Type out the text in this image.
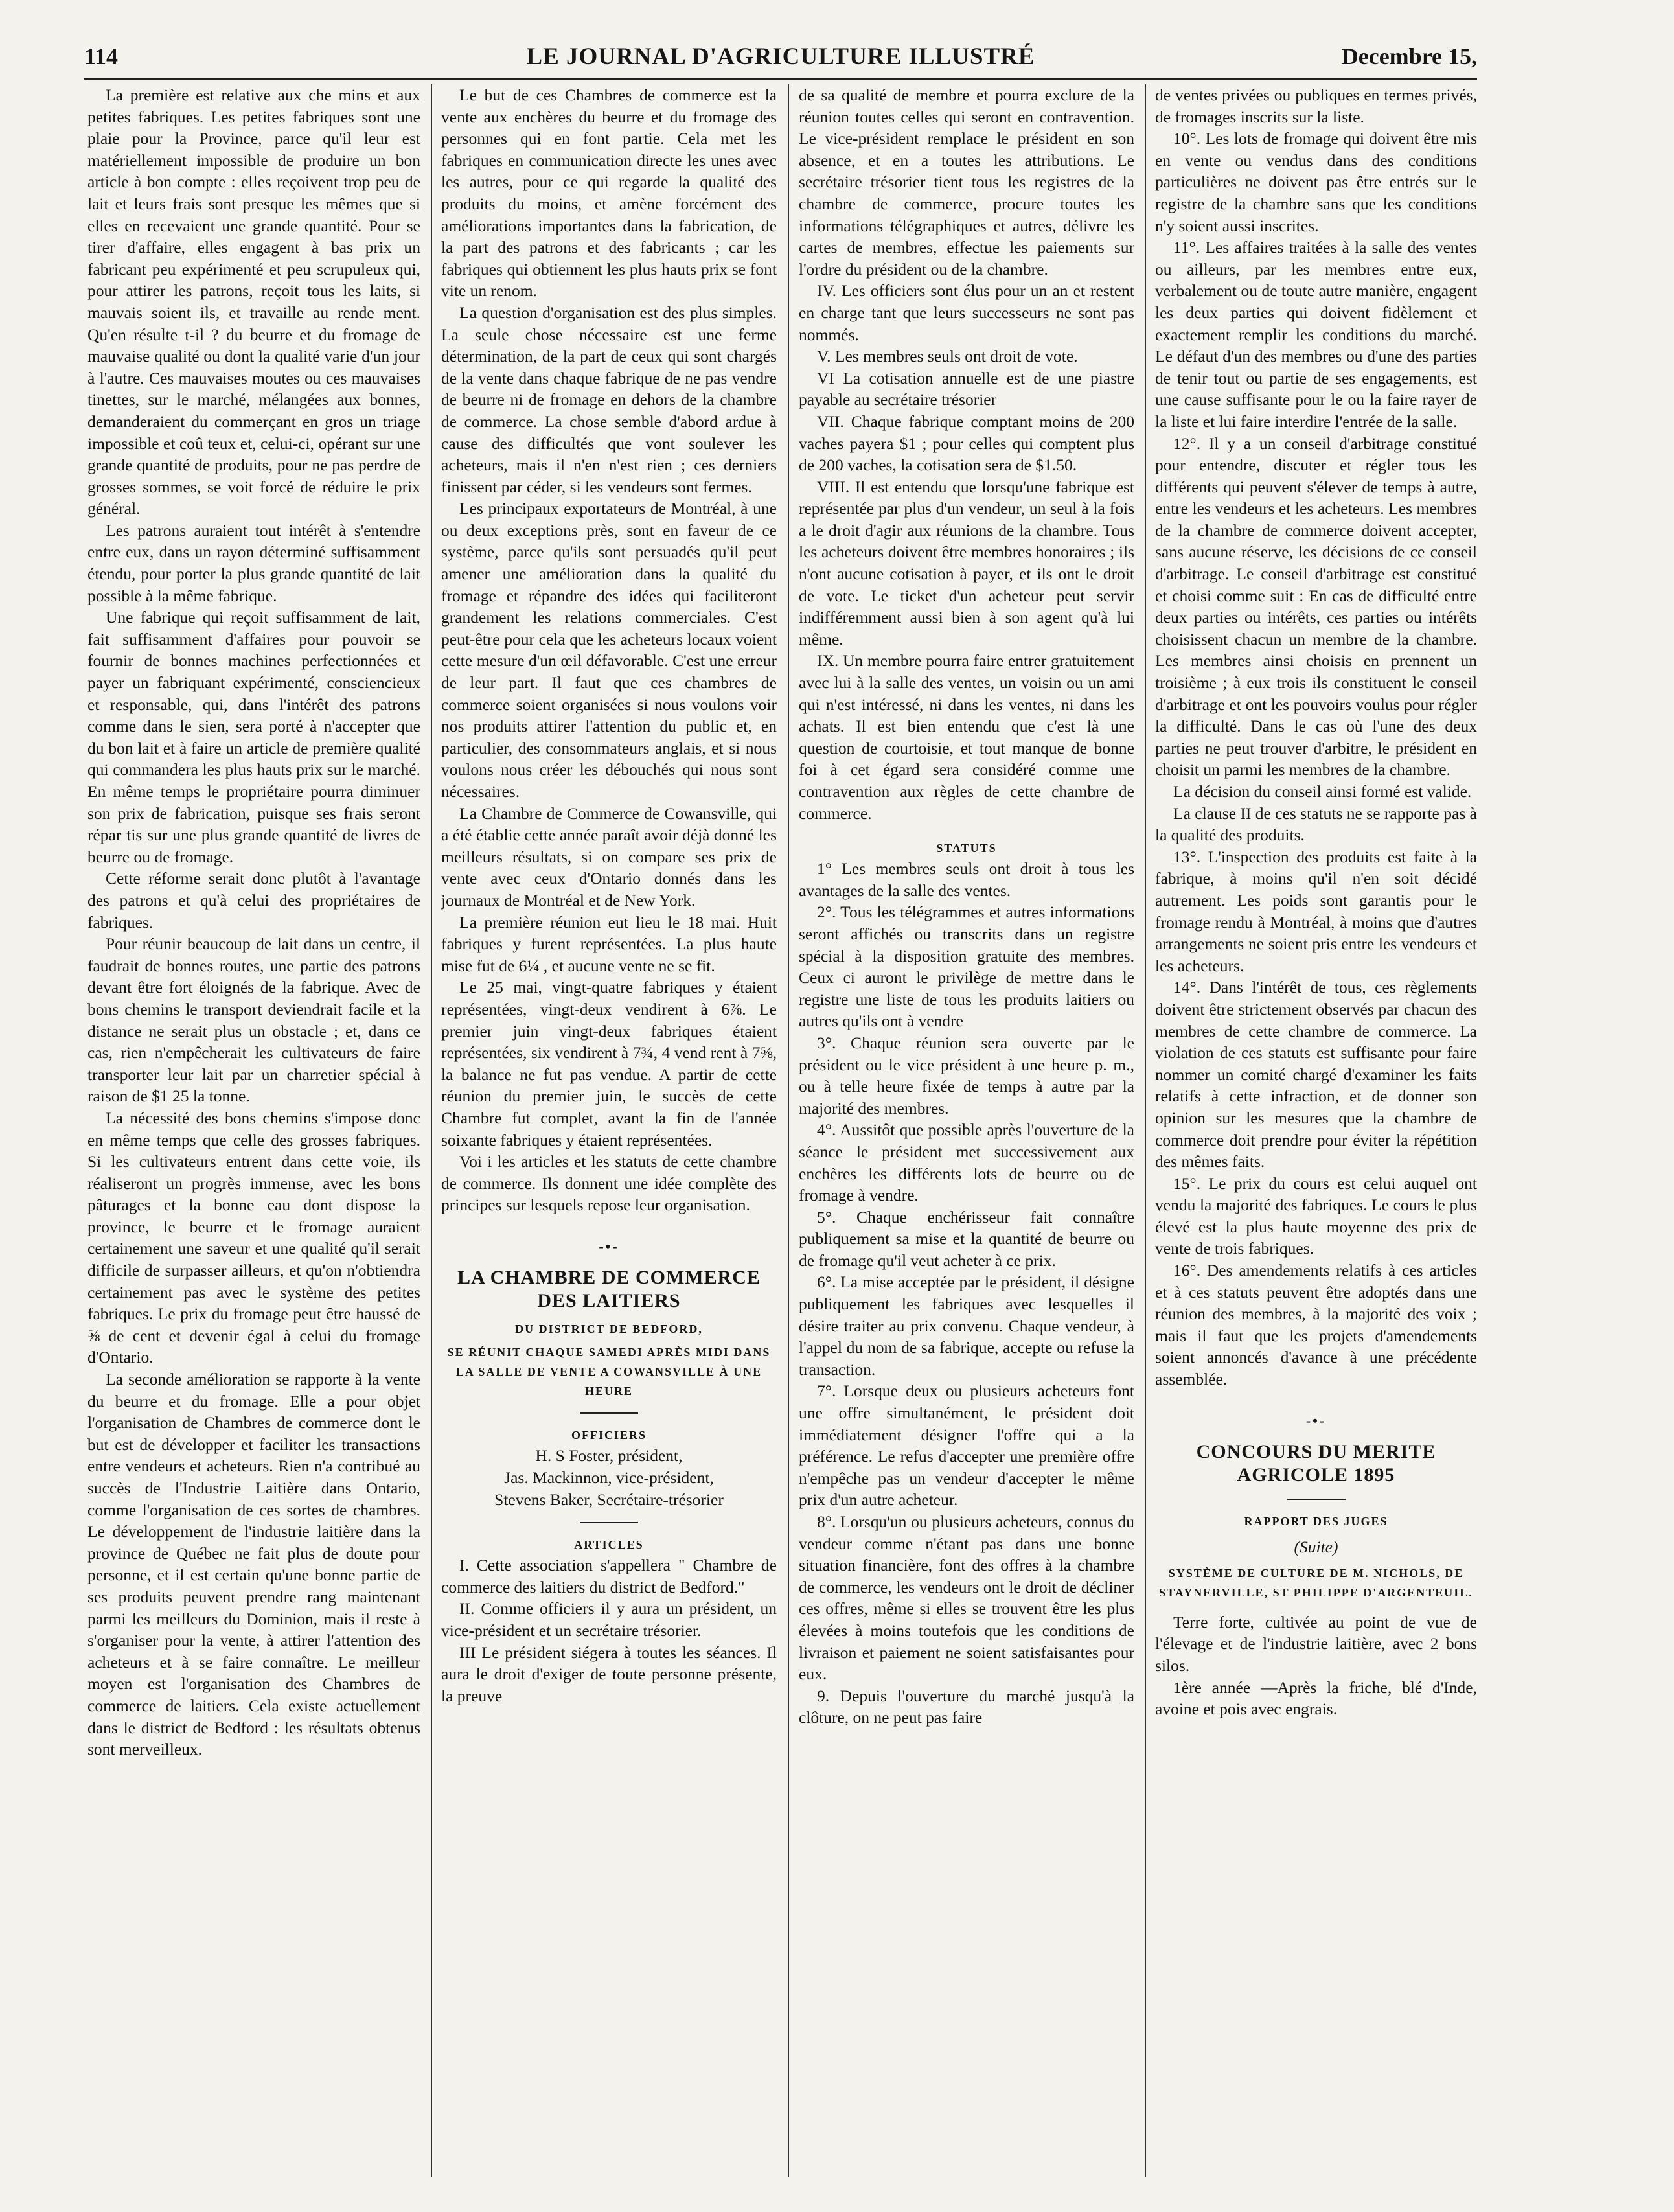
114	LE JOURNAL D'AGRICULTURE ILLUSTRÉ	Decembre 15,

La première est relative aux che mins et aux petites fabriques. Les petites fabriques sont une plaie pour la Province, parce qu'il leur est matériellement impossible de produire un bon article à bon compte : elles reçoivent trop peu de lait et leurs frais sont presque les mêmes que si elles en recevaient une grande quantité. Pour se tirer d'affaire, elles engagent à bas prix un fabricant peu expérimenté et peu scrupuleux qui, pour attirer les patrons, reçoit tous les laits, si mauvais soient ils, et travaille au rende ment. Qu'en résulte t-il ? du beurre et du fromage de mauvaise qualité ou dont la qualité varie d'un jour à l'autre. Ces mauvaises moutes ou ces mauvaises tinettes, sur le marché, mélangées aux bonnes, demanderaient du commerçant en gros un triage impossible et coû teux et, celui-ci, opérant sur une grande quantité de produits, pour ne pas perdre de grosses sommes, se voit forcé de réduire le prix général.

Les patrons auraient tout intérêt à s'entendre entre eux, dans un rayon déterminé suffisamment étendu, pour porter la plus grande quantité de lait possible à la même fabrique.

Une fabrique qui reçoit suffisamment de lait, fait suffisamment d'affaires pour pouvoir se fournir de bonnes machines perfectionnées et payer un fabriquant expérimenté, consciencieux et responsable, qui, dans l'intérêt des patrons comme dans le sien, sera porté à n'accepter que du bon lait et à faire un article de première qualité qui commandera les plus hauts prix sur le marché. En même temps le propriétaire pourra diminuer son prix de fabrication, puisque ses frais seront répar tis sur une plus grande quantité de livres de beurre ou de fromage.

Cette réforme serait donc plutôt à l'avantage des patrons et qu'à celui des propriétaires de fabriques.

Pour réunir beaucoup de lait dans un centre, il faudrait de bonnes routes, une partie des patrons devant être fort éloignés de la fabrique. Avec de bons chemins le transport deviendrait facile et la distance ne serait plus un obstacle ; et, dans ce cas, rien n'empêcherait les cultivateurs de faire transporter leur lait par un charretier spécial à raison de $1 25 la tonne.

La nécessité des bons chemins s'impose donc en même temps que celle des grosses fabriques. Si les cultivateurs entrent dans cette voie, ils réaliseront un progrès immense, avec les bons pâturages et la bonne eau dont dispose la province, le beurre et le fromage auraient certainement une saveur et une qualité qu'il serait difficile de surpasser ailleurs, et qu'on n'obtiendra certainement pas avec le système des petites fabriques. Le prix du fromage peut être haussé de ⅝ de cent et devenir égal à celui du fromage d'Ontario.

La seconde amélioration se rapporte à la vente du beurre et du fromage. Elle a pour objet l'organisation de Chambres de commerce dont le but est de développer et faciliter les transactions entre vendeurs et acheteurs. Rien n'a contribué au succès de l'Industrie Laitière dans Ontario, comme l'organisation de ces sortes de chambres. Le développement de l'industrie laitière dans la province de Québec ne fait plus de doute pour personne, et il est certain qu'une bonne partie de ses produits peuvent prendre rang maintenant parmi les meilleurs du Dominion, mais il reste à s'organiser pour la vente, à attirer l'attention des acheteurs et à se faire connaître. Le meilleur moyen est l'organisation des Chambres de commerce de laitiers. Cela existe actuellement dans le district de Bedford : les résultats obtenus sont merveilleux.

Le but de ces Chambres de commerce est la vente aux enchères du beurre et du fromage des personnes qui en font partie. Cela met les fabriques en communication directe les unes avec les autres, pour ce qui regarde la qualité des produits du moins, et amène forcément des améliorations importantes dans la fabrication, de la part des patrons et des fabricants ; car les fabriques qui obtiennent les plus hauts prix se font vite un renom.

La question d'organisation est des plus simples. La seule chose nécessaire est une ferme détermination, de la part de ceux qui sont chargés de la vente dans chaque fabrique de ne pas vendre de beurre ni de fromage en dehors de la chambre de commerce. La chose semble d'abord ardue à cause des difficultés que vont soulever les acheteurs, mais il n'en n'est rien ; ces derniers finissent par céder, si les vendeurs sont fermes.

Les principaux exportateurs de Montréal, à une ou deux exceptions près, sont en faveur de ce système, parce qu'ils sont persuadés qu'il peut amener une amélioration dans la qualité du fromage et répandre des idées qui faciliteront grandement les relations commerciales. C'est peut-être pour cela que les acheteurs locaux voient cette mesure d'un œil défavorable. C'est une erreur de leur part. Il faut que ces chambres de commerce soient organisées si nous voulons voir nos produits attirer l'attention du public et, en particulier, des consommateurs anglais, et si nous voulons nous créer les débouchés qui nous sont nécessaires.

La Chambre de Commerce de Cowansville, qui a été établie cette année paraît avoir déjà donné les meilleurs résultats, si on compare ses prix de vente avec ceux d'Ontario donnés dans les journaux de Montréal et de New York.

La première réunion eut lieu le 18 mai. Huit fabriques y furent représentées. La plus haute mise fut de 6¼ , et aucune vente ne se fit.

Le 25 mai, vingt-quatre fabriques y étaient représentées, vingt-deux vendirent à 6⅞. Le premier juin vingt-deux fabriques étaient représentées, six vendirent à 7¾, 4 vend rent à 7⅝, la balance ne fut pas vendue. A partir de cette réunion du premier juin, le succès de cette Chambre fut complet, avant la fin de l'année soixante fabriques y étaient représentées.

Voi i les articles et les statuts de cette chambre de commerce. Ils donnent une idée complète des principes sur lesquels repose leur organisation.

-•-
LA CHAMBRE DE COMMERCE DES LAITIERS
DU DISTRICT DE BEDFORD,
SE RÉUNIT CHAQUE SAMEDI APRÈS MIDI DANS LA SALLE DE VENTE A COWANSVILLE À UNE HEURE
OFFICIERS

H. S Foster, président,

Jas. Mackinnon, vice-président,

Stevens Baker, Secrétaire-trésorier

ARTICLES

I. Cette association s'appellera " Chambre de commerce des laitiers du district de Bedford."

II. Comme officiers il y aura un président, un vice-président et un secrétaire trésorier.

III Le président siégera à toutes les séances. Il aura le droit d'exiger de toute personne présente, la preuve

de sa qualité de membre et pourra exclure de la réunion toutes celles qui seront en contravention. Le vice-président remplace le président en son absence, et en a toutes les attributions. Le secrétaire trésorier tient tous les registres de la chambre de commerce, procure toutes les informations télégraphiques et autres, délivre les cartes de membres, effectue les paiements sur l'ordre du président ou de la chambre.

IV. Les officiers sont élus pour un an et restent en charge tant que leurs successeurs ne sont pas nommés.

V. Les membres seuls ont droit de vote.

VI La cotisation annuelle est de une piastre payable au secrétaire trésorier

VII. Chaque fabrique comptant moins de 200 vaches payera $1 ; pour celles qui comptent plus de 200 vaches, la cotisation sera de $1.50.

VIII. Il est entendu que lorsqu'une fabrique est représentée par plus d'un vendeur, un seul à la fois a le droit d'agir aux réunions de la chambre. Tous les acheteurs doivent être membres honoraires ; ils n'ont aucune cotisation à payer, et ils ont le droit de vote. Le ticket d'un acheteur peut servir indifféremment aussi bien à son agent qu'à lui même.

IX. Un membre pourra faire entrer gratuitement avec lui à la salle des ventes, un voisin ou un ami qui n'est intéressé, ni dans les ventes, ni dans les achats. Il est bien entendu que c'est là une question de courtoisie, et tout manque de bonne foi à cet égard sera considéré comme une contravention aux règles de cette chambre de commerce.

STATUTS

1° Les membres seuls ont droit à tous les avantages de la salle des ventes.

2°. Tous les télégrammes et autres informations seront affichés ou transcrits dans un registre spécial à la disposition gratuite des membres. Ceux ci auront le privilège de mettre dans le registre une liste de tous les produits laitiers ou autres qu'ils ont à vendre

3°. Chaque réunion sera ouverte par le président ou le vice président à une heure p. m., ou à telle heure fixée de temps à autre par la majorité des membres.

4°. Aussitôt que possible après l'ouverture de la séance le président met successivement aux enchères les différents lots de beurre ou de fromage à vendre.

5°. Chaque enchérisseur fait connaître publiquement sa mise et la quantité de beurre ou de fromage qu'il veut acheter à ce prix.

6°. La mise acceptée par le président, il désigne publiquement les fabriques avec lesquelles il désire traiter au prix convenu. Chaque vendeur, à l'appel du nom de sa fabrique, accepte ou refuse la transaction.

7°. Lorsque deux ou plusieurs acheteurs font une offre simultanément, le président doit immédiatement désigner l'offre qui a la préférence. Le refus d'accepter une première offre n'empêche pas un vendeur d'accepter le même prix d'un autre acheteur.

8°. Lorsqu'un ou plusieurs acheteurs, connus du vendeur comme n'étant pas dans une bonne situation financière, font des offres à la chambre de commerce, les vendeurs ont le droit de décliner ces offres, même si elles se trouvent être les plus élevées à moins toutefois que les conditions de livraison et paiement ne soient satisfaisantes pour eux.

9. Depuis l'ouverture du marché jusqu'à la clôture, on ne peut pas faire

de ventes privées ou publiques en termes privés, de fromages inscrits sur la liste.

10°. Les lots de fromage qui doivent être mis en vente ou vendus dans des conditions particulières ne doivent pas être entrés sur le registre de la chambre sans que les conditions n'y soient aussi inscrites.

11°. Les affaires traitées à la salle des ventes ou ailleurs, par les membres entre eux, verbalement ou de toute autre manière, engagent les deux parties qui doivent fidèlement et exactement remplir les conditions du marché. Le défaut d'un des membres ou d'une des parties de tenir tout ou partie de ses engagements, est une cause suffisante pour le ou la faire rayer de la liste et lui faire interdire l'entrée de la salle.

12°. Il y a un conseil d'arbitrage constitué pour entendre, discuter et régler tous les différents qui peuvent s'élever de temps à autre, entre les vendeurs et les acheteurs. Les membres de la chambre de commerce doivent accepter, sans aucune réserve, les décisions de ce conseil d'arbitrage. Le conseil d'arbitrage est constitué et choisi comme suit : En cas de difficulté entre deux parties ou intérêts, ces parties ou intérêts choisissent chacun un membre de la chambre. Les membres ainsi choisis en prennent un troisième ; à eux trois ils constituent le conseil d'arbitrage et ont les pouvoirs voulus pour régler la difficulté. Dans le cas où l'une des deux parties ne peut trouver d'arbitre, le président en choisit un parmi les membres de la chambre.

La décision du conseil ainsi formé est valide.

La clause II de ces statuts ne se rapporte pas à la qualité des produits.

13°. L'inspection des produits est faite à la fabrique, à moins qu'il n'en soit décidé autrement. Les poids sont garantis pour le fromage rendu à Montréal, à moins que d'autres arrangements ne soient pris entre les vendeurs et les acheteurs.

14°. Dans l'intérêt de tous, ces règlements doivent être strictement observés par chacun des membres de cette chambre de commerce. La violation de ces statuts est suffisante pour faire nommer un comité chargé d'examiner les faits relatifs à cette infraction, et de donner son opinion sur les mesures que la chambre de commerce doit prendre pour éviter la répétition des mêmes faits.

15°. Le prix du cours est celui auquel ont vendu la majorité des fabriques. Le cours le plus élevé est la plus haute moyenne des prix de vente de trois fabriques.

16°. Des amendements relatifs à ces articles et à ces statuts peuvent être adoptés dans une réunion des membres, à la majorité des voix ; mais il faut que les projets d'amendements soient annoncés d'avance à une précédente assemblée.

-•-
CONCOURS DU MERITE AGRICOLE 1895
RAPPORT DES JUGES
(Suite)
SYSTÈME DE CULTURE DE M. NICHOLS, DE STAYNERVILLE, ST PHILIPPE D'ARGENTEUIL.

Terre forte, cultivée au point de vue de l'élevage et de l'industrie laitière, avec 2 bons silos.

1ère année —Après la friche, blé d'Inde, avoine et pois avec engrais.
